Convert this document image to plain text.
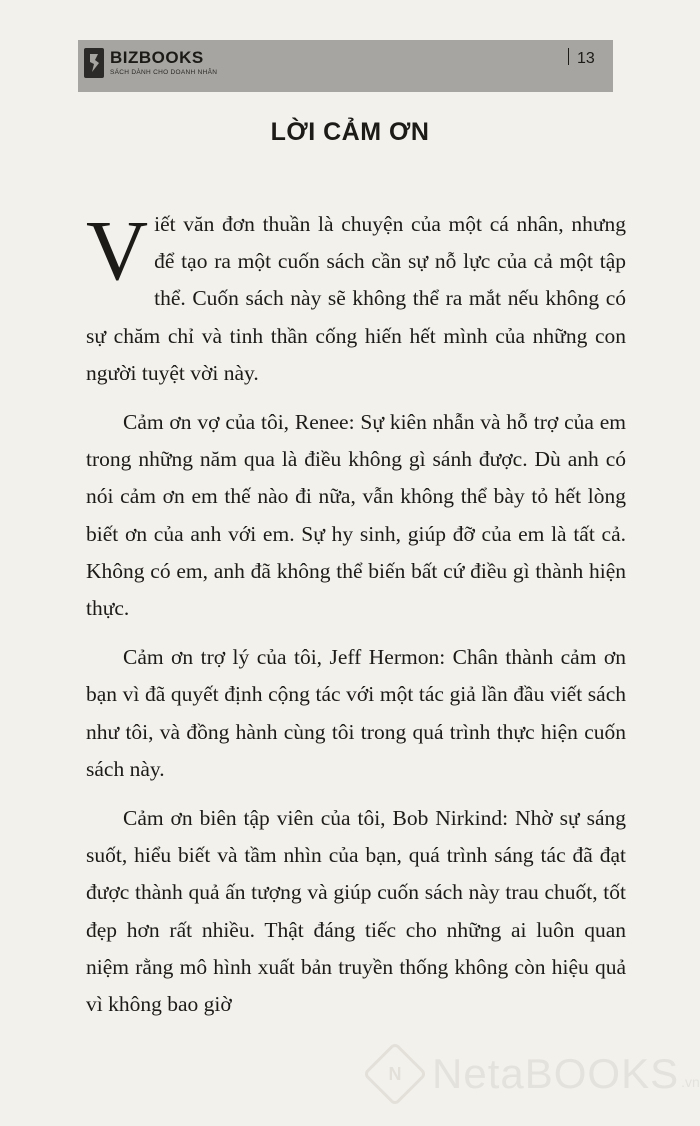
BIZBOOKS
SÁCH DÀNH CHO DOANH NHÂN
13
LỜI CẢM ƠN

Viết văn đơn thuần là chuyện của một cá nhân, nhưng để tạo ra một cuốn sách cần sự nỗ lực của cả một tập thể. Cuốn sách này sẽ không thể ra mắt nếu không có sự chăm chỉ và tinh thần cống hiến hết mình của những con người tuyệt vời này.

Cảm ơn vợ của tôi, Renee: Sự kiên nhẫn và hỗ trợ của em trong những năm qua là điều không gì sánh được. Dù anh có nói cảm ơn em thế nào đi nữa, vẫn không thể bày tỏ hết lòng biết ơn của anh với em. Sự hy sinh, giúp đỡ của em là tất cả. Không có em, anh đã không thể biến bất cứ điều gì thành hiện thực.

Cảm ơn trợ lý của tôi, Jeff Hermon: Chân thành cảm ơn bạn vì đã quyết định cộng tác với một tác giả lần đầu viết sách như tôi, và đồng hành cùng tôi trong quá trình thực hiện cuốn sách này.

Cảm ơn biên tập viên của tôi, Bob Nirkind: Nhờ sự sáng suốt, hiểu biết và tầm nhìn của bạn, quá trình sáng tác đã đạt được thành quả ấn tượng và giúp cuốn sách này trau chuốt, tốt đẹp hơn rất nhiều. Thật đáng tiếc cho những ai luôn quan niệm rằng mô hình xuất bản truyền thống không còn hiệu quả vì không bao giờ

N NetaBOOKS .vn
